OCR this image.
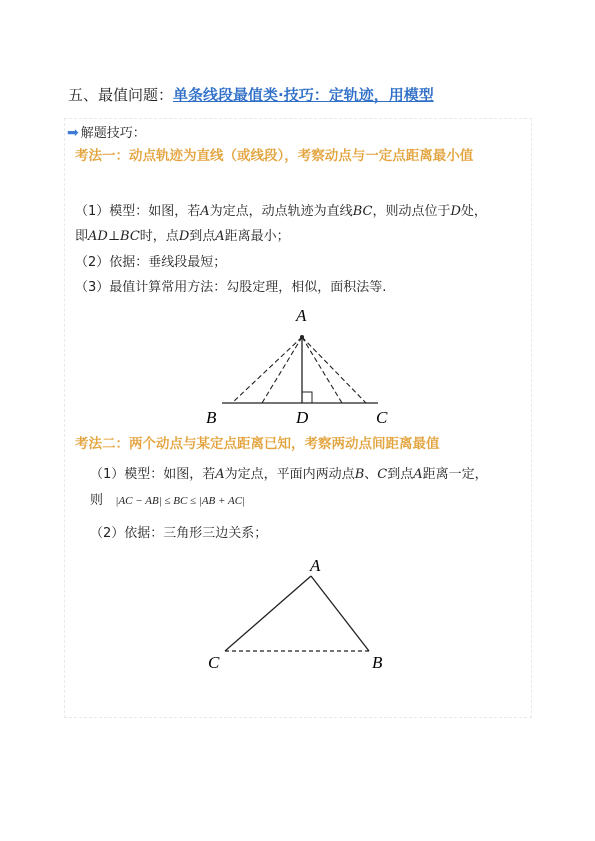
五、最值问题：单条线段最值类·技巧：定轨迹，用模型
➡ 解题技巧：
考法一：动点轨迹为直线（或线段），考察动点与一定点距离最小值
（1）模型：如图，若A为定点，动点轨迹为直线BC，则动点位于D处，
即AD⊥BC时，点D到点A距离最小；
（2）依据：垂线段最短；
（3）最值计算常用方法：勾股定理，相似，面积法等.
A
B	D	C
A
C	B
考法二：两个动点与某定点距离已知，考察两动点间距离最值
（1）模型：如图，若A为定点，平面内两动点B、C到点A距离一定，
则 |AC − AB| ≤ BC ≤ |AB + AC|
（2）依据：三角形三边关系；
